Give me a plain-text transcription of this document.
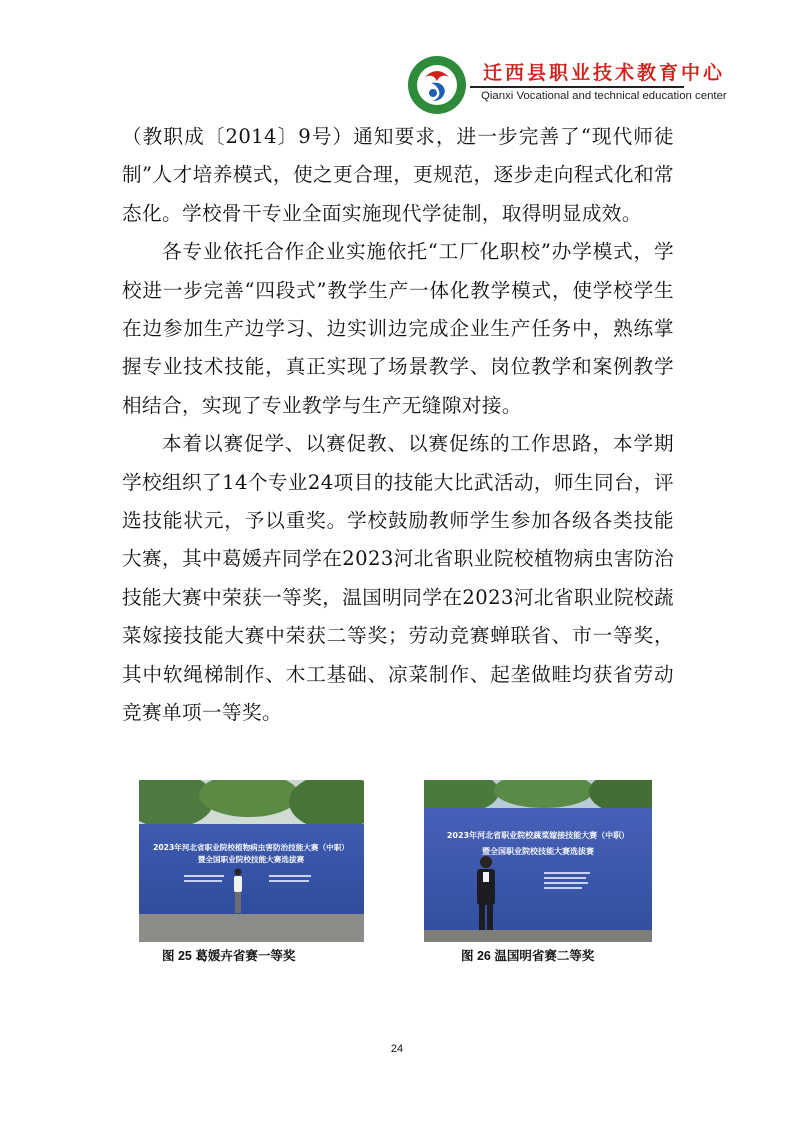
迁西县职业技术教育中心
Qianxi Vocational and technical education center

（教职成〔2014〕9号）通知要求，进一步完善了“现代师徒制”人才培养模式，使之更合理，更规范，逐步走向程式化和常态化。学校骨干专业全面实施现代学徒制，取得明显成效。

各专业依托合作企业实施依托“工厂化职校”办学模式，学校进一步完善“四段式”教学生产一体化教学模式，使学校学生在边参加生产边学习、边实训边完成企业生产任务中，熟练掌握专业技术技能，真正实现了场景教学、岗位教学和案例教学相结合，实现了专业教学与生产无缝隙对接。

本着以赛促学、以赛促教、以赛促练的工作思路，本学期学校组织了14个专业24项目的技能大比武活动，师生同台，评选技能状元，予以重奖。学校鼓励教师学生参加各级各类技能大赛，其中葛媛卉同学在2023河北省职业院校植物病虫害防治技能大赛中荣获一等奖，温国明同学在2023河北省职业院校蔬菜嫁接技能大赛中荣获二等奖；劳动竞赛蝉联省、市一等奖，其中软绳梯制作、木工基础、凉菜制作、起垄做畦均获省劳动竞赛单项一等奖。

2023年河北省职业院校植物病虫害防治技能大赛（中职）
暨全国职业院校技能大赛选拔赛
图 25 葛媛卉省赛一等奖
2023年河北省职业院校蔬菜嫁接技能大赛（中职）
暨全国职业院校技能大赛选拔赛
图 26 温国明省赛二等奖
24
